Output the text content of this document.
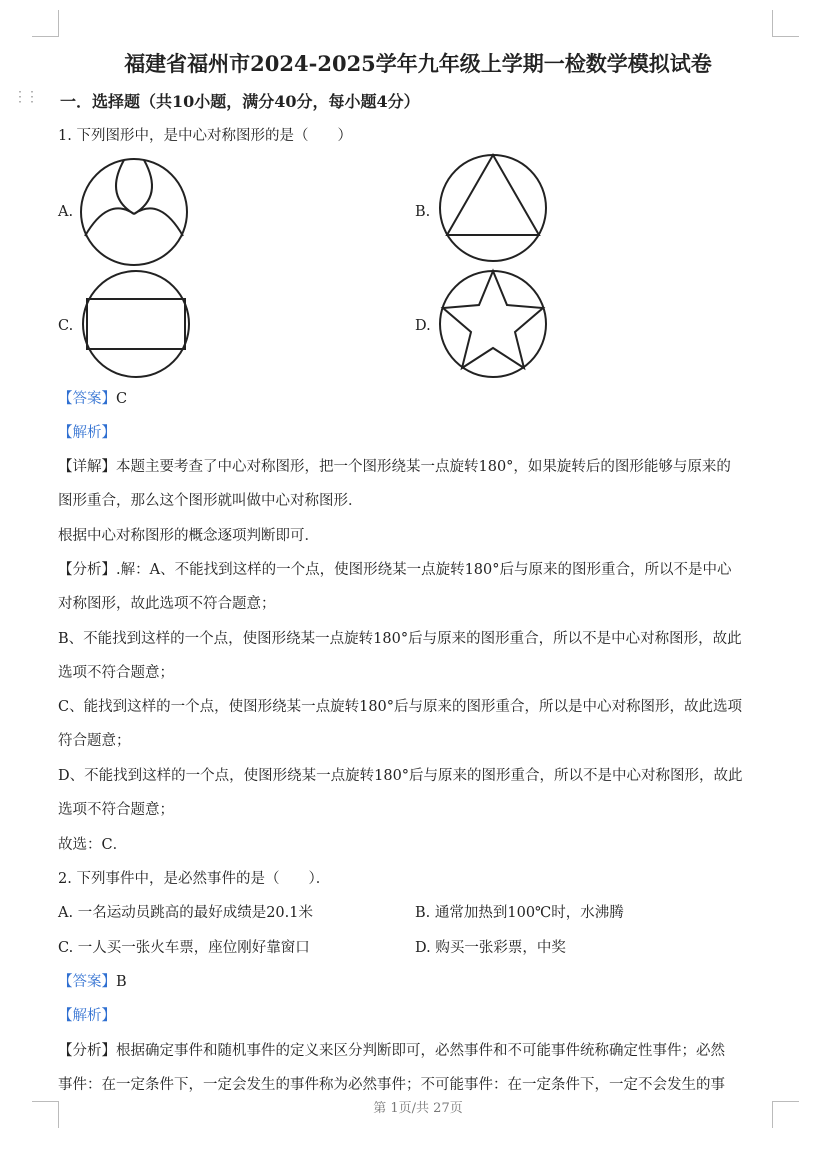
⋮⋮
福建省福州市2024-2025学年九年级上学期一检数学模拟试卷
一．选择题（共10小题，满分40分，每小题4分）
1. 下列图形中，是中心对称图形的是（　　）
A.	B.
C.	D.
【答案】C
【解析】
【详解】本题主要考查了中心对称图形，把一个图形绕某一点旋转180°，如果旋转后的图形能够与原来的
图形重合，那么这个图形就叫做中心对称图形．
根据中心对称图形的概念逐项判断即可．
【分析】.解：A、不能找到这样的一个点，使图形绕某一点旋转180°后与原来的图形重合，所以不是中心
对称图形，故此选项不符合题意；
B、不能找到这样的一个点，使图形绕某一点旋转180°后与原来的图形重合，所以不是中心对称图形，故此
选项不符合题意；
C、能找到这样的一个点，使图形绕某一点旋转180°后与原来的图形重合，所以是中心对称图形，故此选项
符合题意；
D、不能找到这样的一个点，使图形绕某一点旋转180°后与原来的图形重合，所以不是中心对称图形，故此
选项不符合题意；
故选：C．
2. 下列事件中，是必然事件的是（　　）．
A. 一名运动员跳高的最好成绩是20.1米	B. 通常加热到100℃时，水沸腾
C. 一人买一张火车票，座位刚好靠窗口	D. 购买一张彩票，中奖
【答案】B
【解析】
【分析】根据确定事件和随机事件的定义来区分判断即可，必然事件和不可能事件统称确定性事件；必然
事件：在一定条件下，一定会发生的事件称为必然事件；不可能事件：在一定条件下，一定不会发生的事
第 1页/共 27页
